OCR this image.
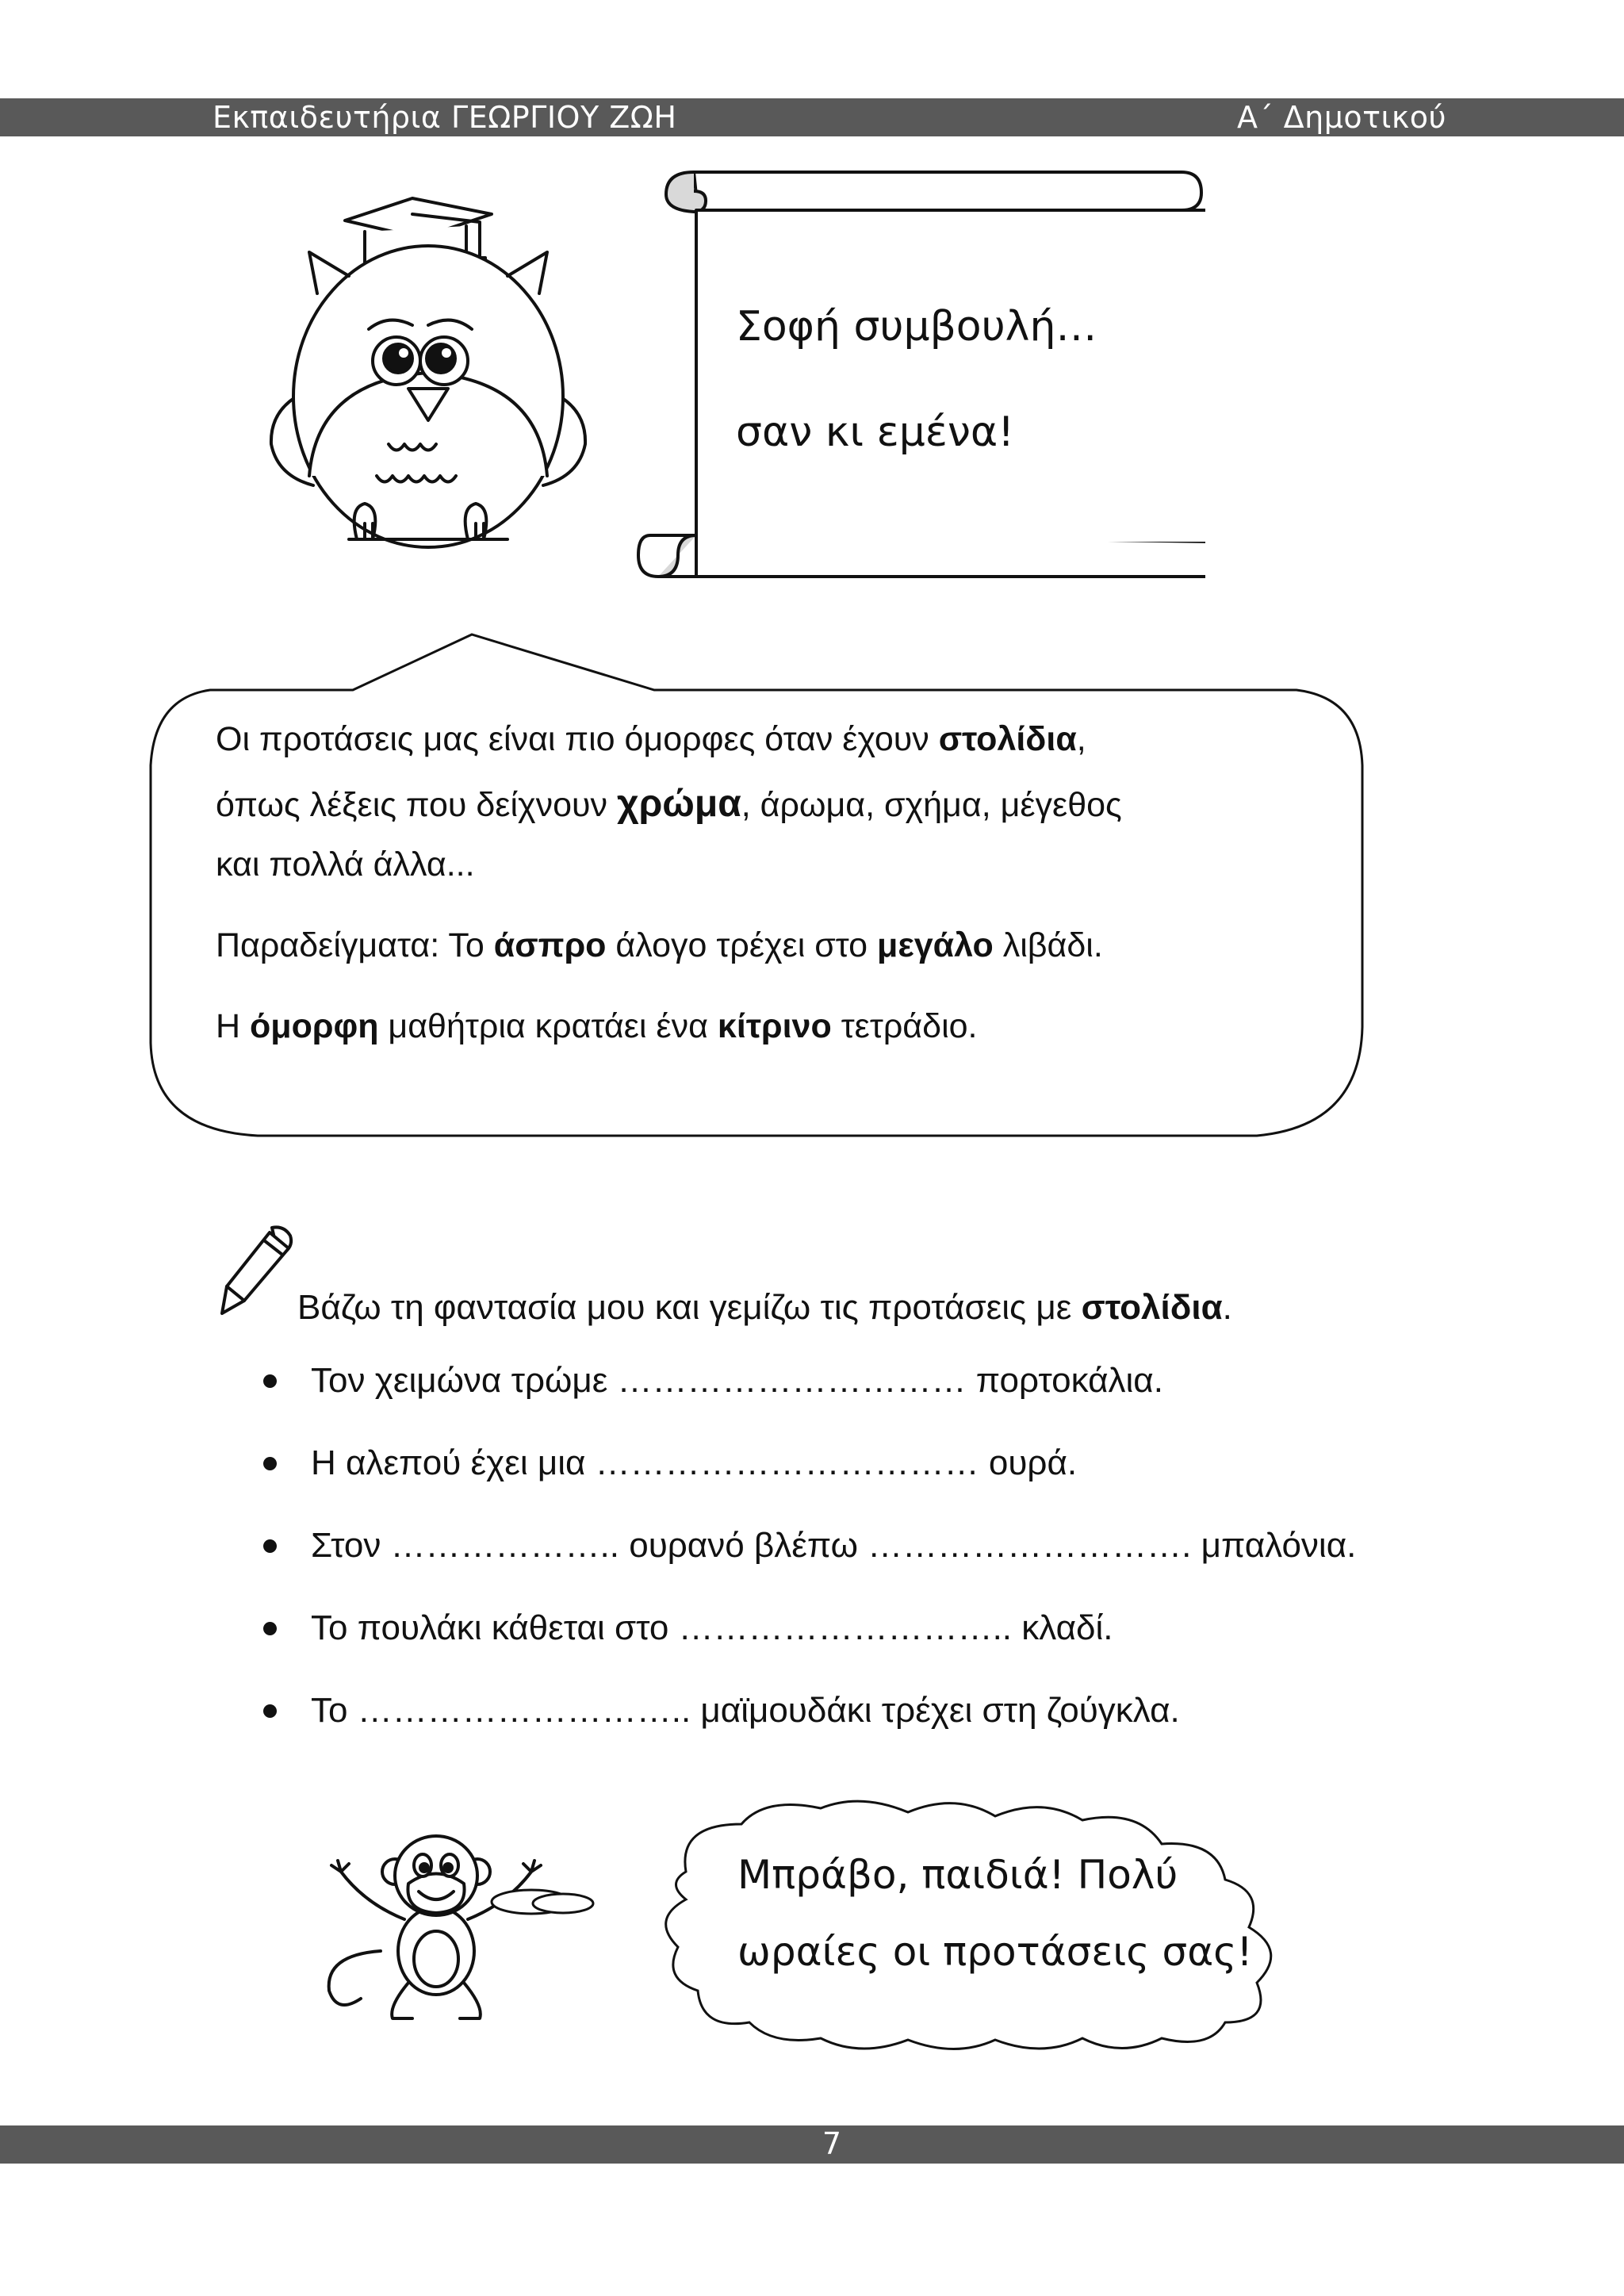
Εκπαιδευτήρια ΓΕΩΡΓΙΟΥ ΖΩΗ	Α΄ Δημοτικού
Σοφή συμβουλή…
σαν κι εμένα!

Οι προτάσεις μας είναι πιο όμορφες όταν έχουν στολίδια,

όπως λέξεις που δείχνουν χρώμα, άρωμα, σχήμα, μέγεθος

και πολλά άλλα...

Παραδείγματα: Το άσπρο άλογο τρέχει στο μεγάλο λιβάδι.

Η όμορφη μαθήτρια κρατάει ένα κίτρινο τετράδιο.

Βάζω τη φαντασία μου και γεμίζω τις προτάσεις με στολίδια.
Τον χειμώνα τρώμε ………………………… πορτοκάλια.
Η αλεπού έχει μια …………………………… ουρά.
Στον ……………….. ουρανό βλέπω ………………………. μπαλόνια.
Το πουλάκι κάθεται στο ……………………….. κλαδί.
Το ……………………….. μαϊμουδάκι τρέχει στη ζούγκλα.
Μπράβο, παιδιά! Πολύ
ωραίες οι προτάσεις σας!
7
